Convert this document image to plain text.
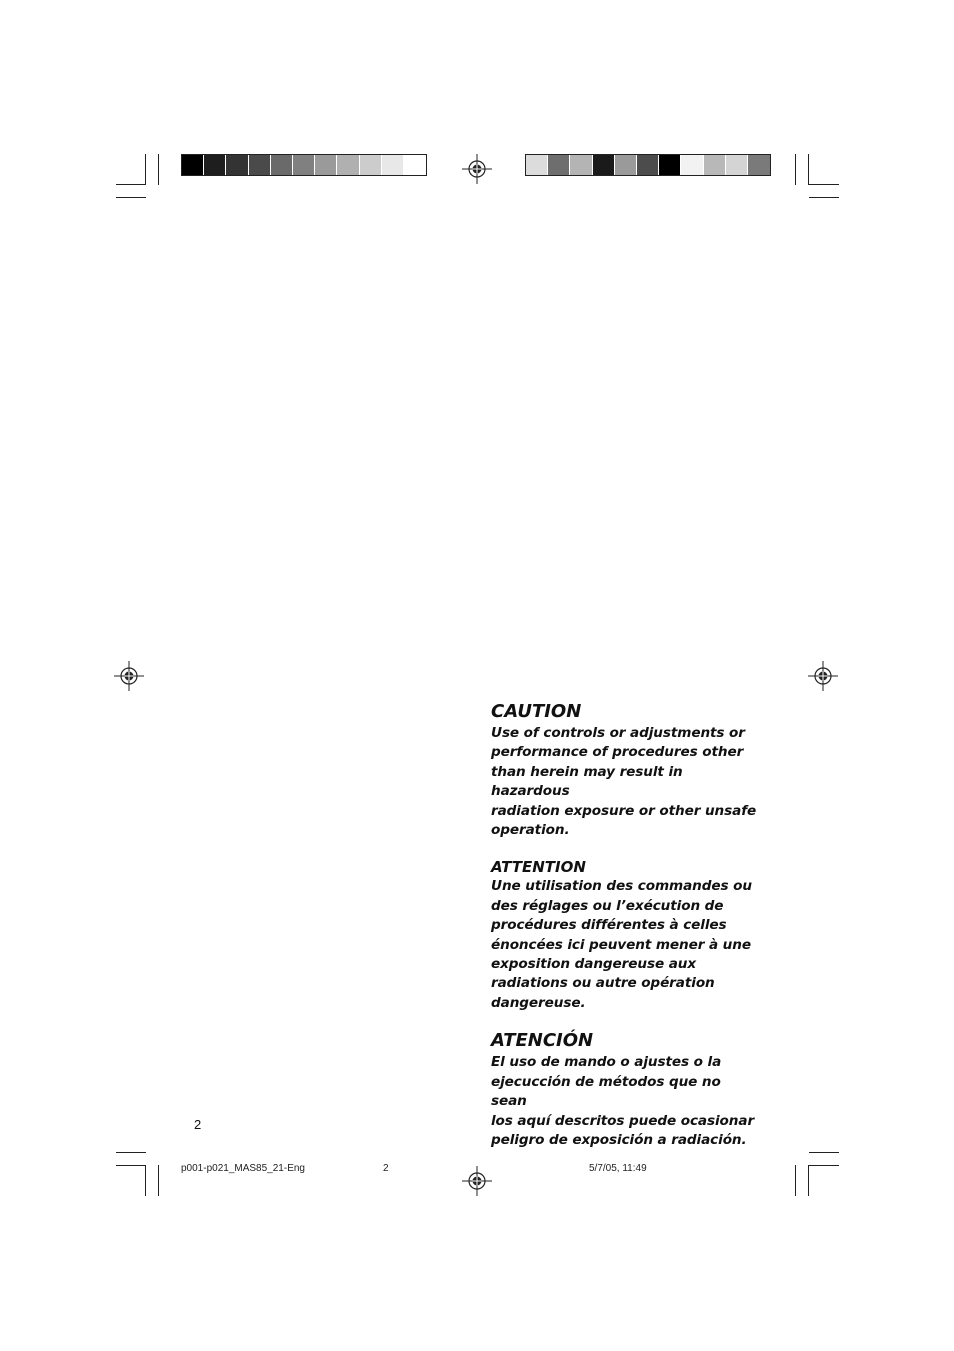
CAUTION

Use of controls or adjustments or

performance of procedures other

than herein may result in hazardous

radiation exposure or other unsafe

operation.

ATTENTION

Une utilisation des commandes ou

des réglages ou l’exécution de

procédures différentes à celles

énoncées ici peuvent mener à une

exposition dangereuse aux

radiations ou autre opération

dangereuse.

ATENCIÓN

El uso de mando o ajustes o la

ejecucción de métodos que no sean

los aquí descritos puede ocasionar

peligro de exposición a radiación.

2
p001-p021_MAS85_21-Eng	2	5/7/05, 11:49
